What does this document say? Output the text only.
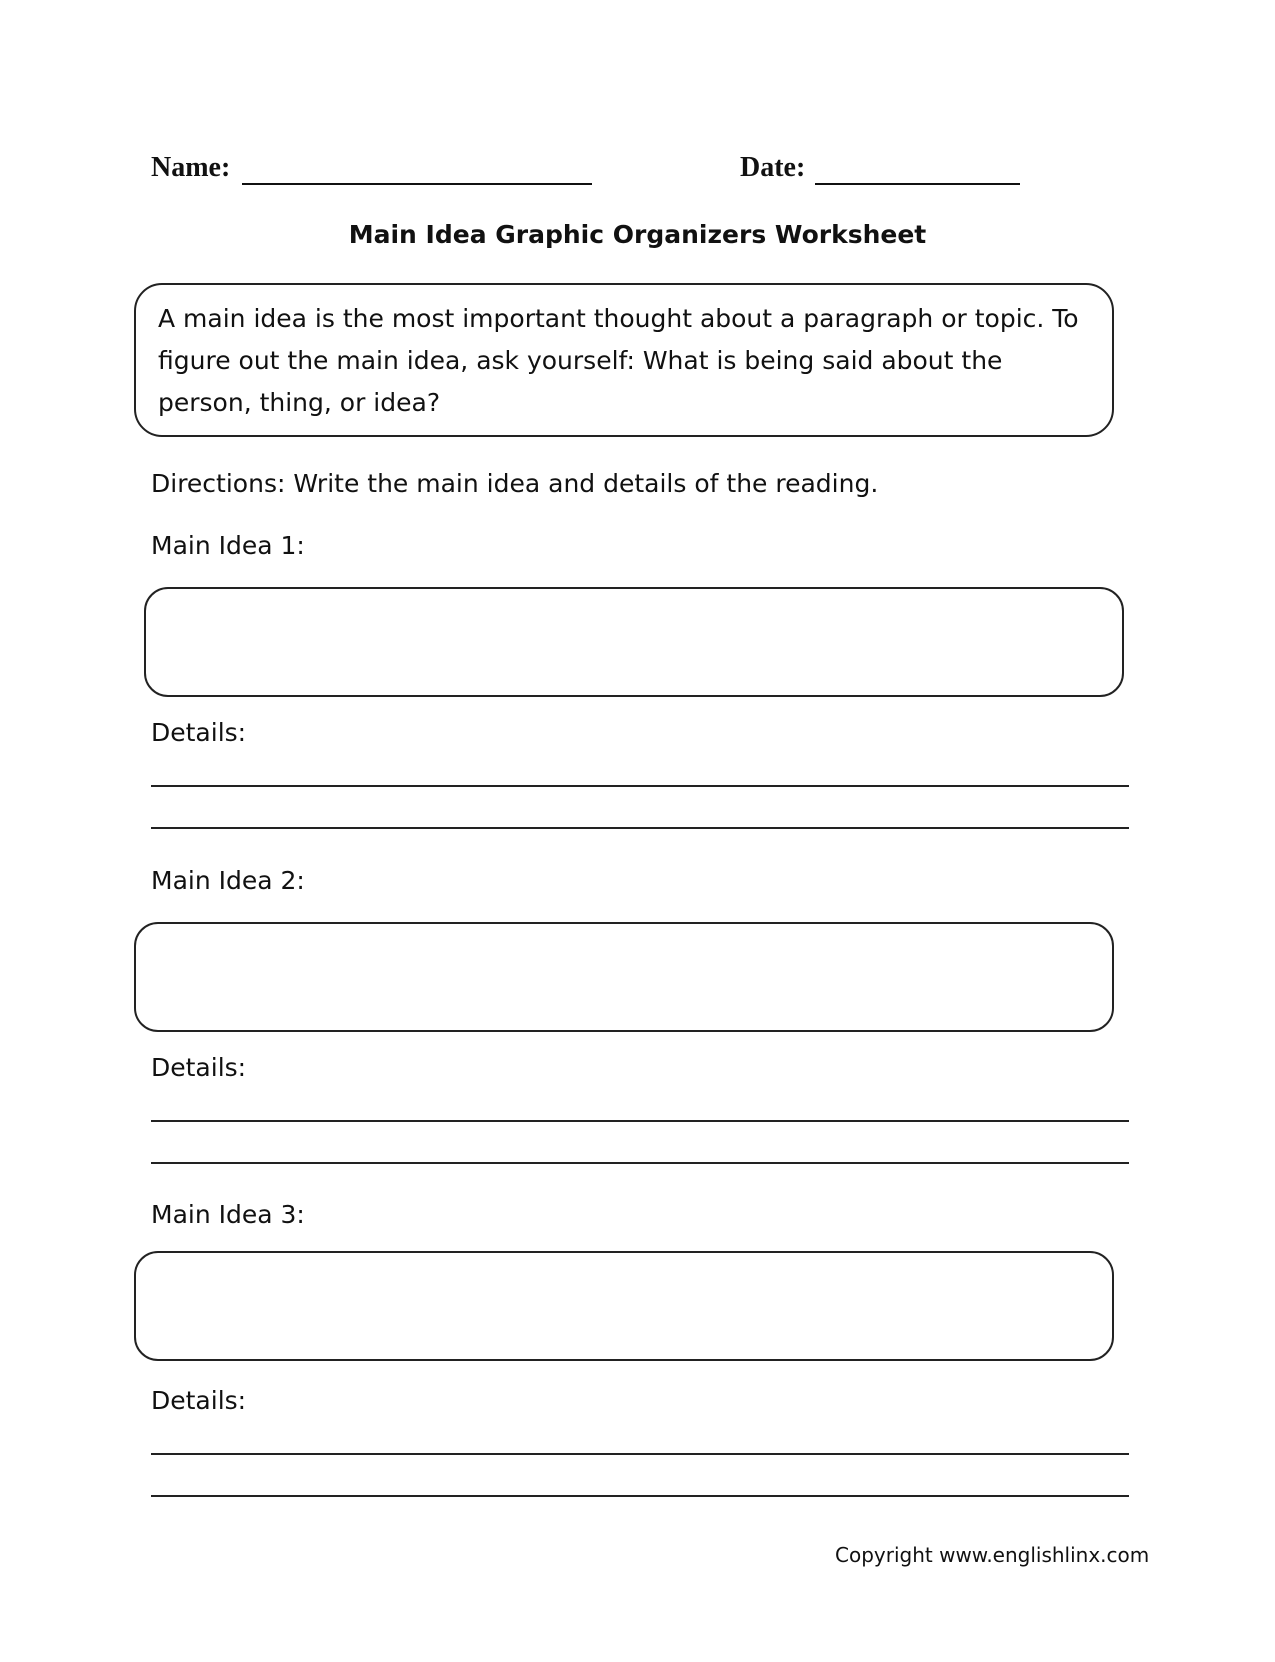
Name:	Date:
Main Idea Graphic Organizers Worksheet
A main idea is the most important thought about a paragraph or topic. To figure out the main idea, ask yourself: What is being said about the person, thing, or idea?
Directions: Write the main idea and details of the reading.
Main Idea 1:
Details:
Main Idea 2:
Details:
Main Idea 3:
Details:
Copyright www.englishlinx.com
